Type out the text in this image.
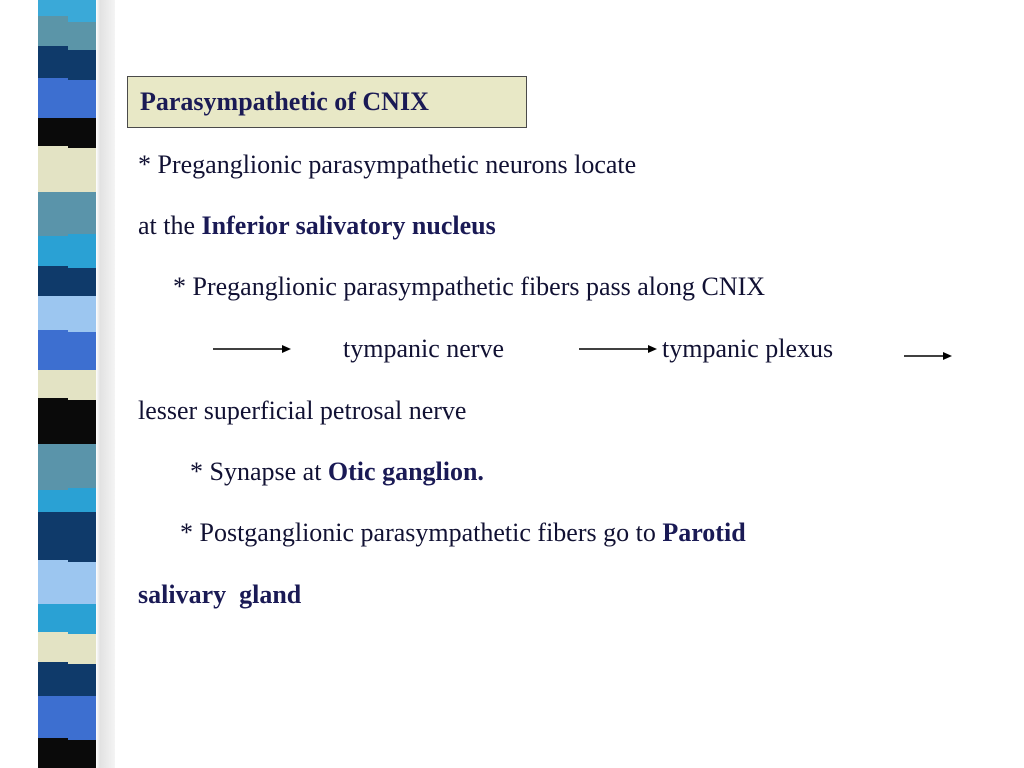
Parasympathetic of CNIX
* Preganglionic parasympathetic neurons locate
at the Inferior salivatory nucleus
* Preganglionic parasympathetic fibers pass along CNIX
tympanic nerve	tympanic plexus
lesser superficial petrosal nerve
* Synapse at Otic ganglion.
* Postganglionic parasympathetic fibers go to Parotid
salivary  gland
